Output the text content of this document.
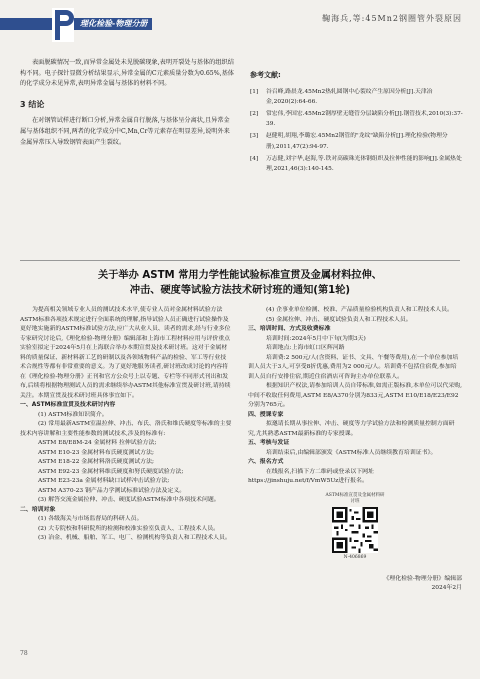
理化检验-物理分册
鞠海兵,等:45Mn2钢圈管外裂原因

表面脱碳情况一致,而异常金属处未见脱碳现象,表明开裂处与基体的组织结构不同。电子探针显微分析结果显示,异常金属的C元素质量分数为0.65%,基体的化学成分未见异常,表明异常金属与基体的材料不同。

3 结论

在对钢管试样进行断口分析,异常金属自行脱落,与基体呈分离状,且异常金属与基体组织不同,两者的化学成分中C,Mn,Cr等元素存在明显差异,说明外来金属异常压入导致钢管表面产生裂纹。

参考文献:
[1]	谷召峰,路晨龙.45Mn2热轧圆钢中心裂纹产生原因分析[J].天津冶金,2020(2):64-66.
[2]	常宏伟,李国宏.45Mn2钢厚壁无缝管分层缺陷分析[J].钢管技术,2010(3):37-39.
[3]	赵健明,胡翔,李璐宏.45Mn2钢管的"龙纹"缺陷分析[J].理化检验(物理分册),2011,47(2):94-97.
[4]	万志健,刘宇华,赵海,等.铁对高碳珠光体钢组织及拉伸性能的影响[J].金属热处理,2021,46(3):140-145.
关于举办 ASTM 常用力学性能试验标准宣贯及金属材料拉伸、
冲击、硬度等试验方法技术研讨班的通知(第1轮)

为提高相关领域专业人员的测试技术水平,使专业人员对金属材料试验方法ASTM标准各项技术规定进行全面系统的理解,指导试验人员正确进行试验操作及更好地实施新的ASTM标准试验方法,应广大从业人员、读者的需求,经与行业多位专家研究讨论后,《理化检验-物理分册》编辑部和上海市工程材料应用与评价重点实验室拟定于2024年5月在上海联合举办本期宣贯及技术研讨班。这对于金属材料的质量保证、新材料新工艺的研制以及各领域物料产品的检验、军工等行业技术合规性等都有非常重要的意义。为了更好地服务读者,研讨班改成讨论的内容将在《理化检验-物理分册》正刊和官方公众号上以专题、专栏等不同形式刊出和发布,后续将根据物理测试人员的需求继续举办ASTM其他标准宣贯及研讨班,请持续关注。本期宣贯及技术研讨班具体事宜如下。

一、ASTM标准宣贯及技术研讨内容

(1) ASTM标准知识简介。

(2) 常用最新ASTM室温拉伸、冲击、布氏、洛氏和维氏硬度等标准的主要技术内容讲解和主要性能参数的测试技术,涉及的标准有:

ASTM E8/E8M-24 金属材料 拉伸试验方法;

ASTM E10-23 金属材料布氏硬度测试方法;

ASTM E18-22 金属材料洛氏硬度测试方法;

ASTM E92-23 金属材料维氏硬度和努氏硬度试验方法;

ASTM E23-23a 金属材料缺口试样冲击试验方法;

ASTM A370-23 钢产品力学测试标准试验方法及定义。

(3) 解答交流金属拉伸、冲击、硬度试验ASTM标准中各项技术问题。

二、培训对象

(1) 各级海关与市场监督局的科研人员。

(2) 大专院校和科研院所的检测和校准实验室负责人、工程技术人员。

(3) 冶金、机械、船舶、军工、电厂、检测机构等负责人和工程技术人员。

(4) 企事业单位检测、校准、产品质量检验机构负责人和工程技术人员。

(5) 金属拉伸、冲击、硬度试验负责人和工程技术人员。

三、培训时间、方式及收费标准

培训时间:2024年5月中下旬(为期3天)

培训地点:上海市虹口区辉河路

培训费:2 500元/人(含资料、证书、文具、午餐等费用),在一个单位参加培训人员大于3人,可享受8折优惠,费用为2 000元/人。培训费不包括住宿费,参加培训人员自行安排住宿,期近住宿酒店可咨询主办单位联系人。

根据知识产权法,请参加培训人员自带标准,如需正版标准,本单位可以代采购,中间不收取任何费用,ASTM E8/A370分别为833元,ASTM E10/E18/E23/E92分别为765元。

四、授课专家

拟邀请长期从事拉伸、冲击、硬度等力学试验方法和检测质量控制方面研究,尤其熟悉ASTM最新标准的专家授课。

五、考核与发证

培训结束后,由编辑部颁发《ASTM标准人员继续教育培训证书》。

六、报名方式

在线报名,扫描下方二维码或登录以下网址https://jinshuju.net/f/VmW5Uz进行报名。

ASTM标准宣贯及金属材料研讨班
N-406869
《理化检验-物理分册》编辑部
2024年2月
78
